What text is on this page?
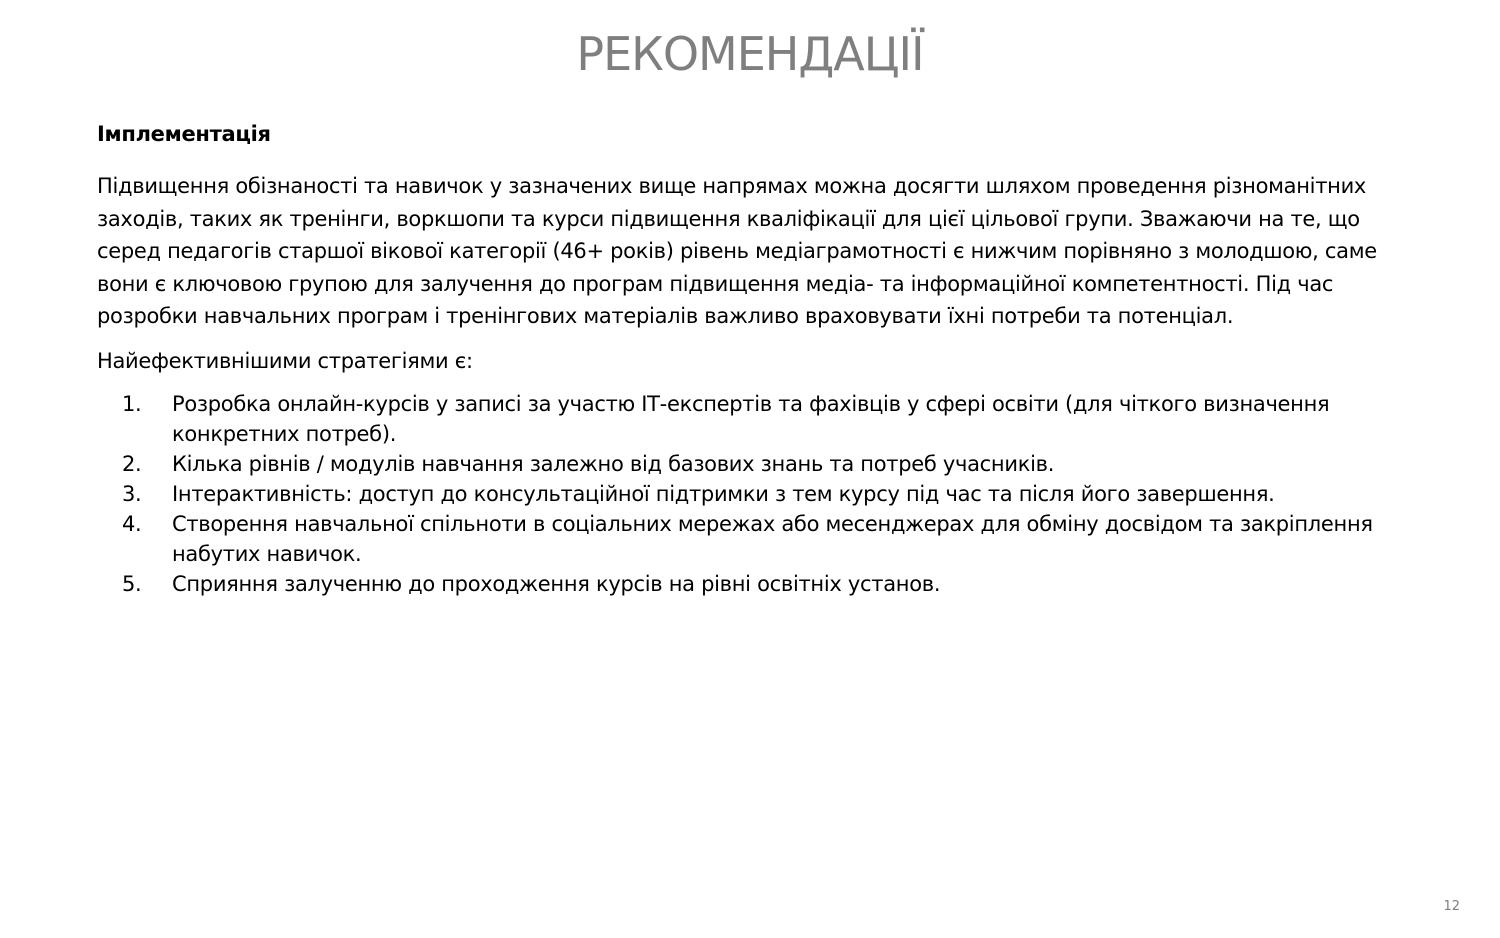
РЕКОМЕНДАЦІЇ
Імплементація

Підвищення обізнаності та навичок у зазначених вище напрямах можна досягти шляхом проведення різноманітних заходів, таких як тренінги, воркшопи та курси підвищення кваліфікації для цієї цільової групи. Зважаючи на те, що серед педагогів старшої вікової категорії (46+ років) рівень медіаграмотності є нижчим порівняно з молодшою, саме вони є ключовою групою для залучення до програм підвищення медіа- та інформаційної компетентності. Під час розробки навчальних програм і тренінгових матеріалів важливо враховувати їхні потреби та потенціал.

Найефективнішими стратегіями є:

1.	Розробка онлайн-курсів у записі за участю ІТ-експертів та фахівців у сфері освіти (для чіткого визначення конкретних потреб).
2.	Кілька рівнів / модулів навчання залежно від базових знань та потреб учасників.
3.	Інтерактивність: доступ до консультаційної підтримки з тем курсу під час та після його завершення.
4.	Створення навчальної спільноти в соціальних мережах або месенджерах для обміну досвідом та закріплення набутих навичок.
5.	Сприяння залученню до проходження курсів на рівні освітніх установ.
12
